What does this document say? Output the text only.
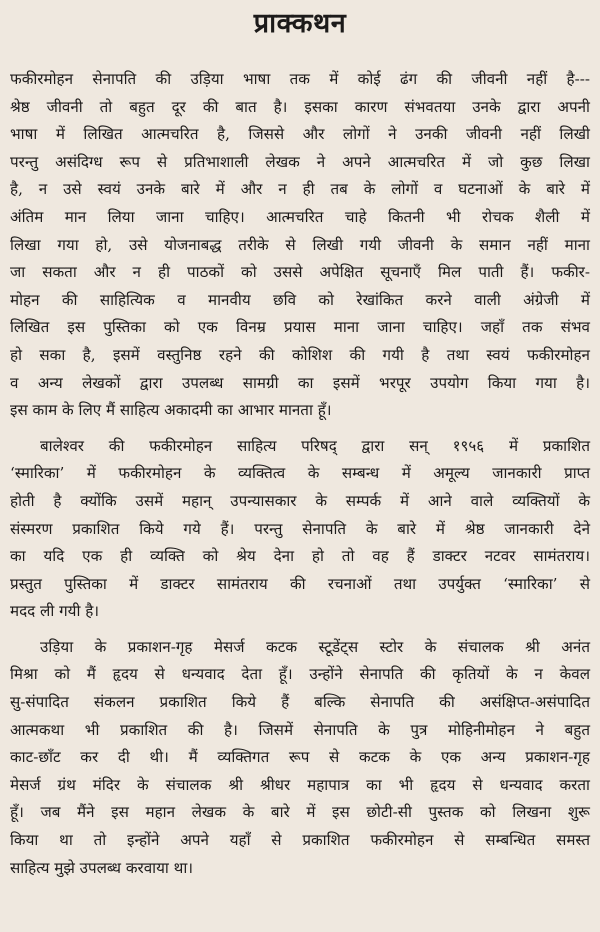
प्राक्कथन
फकीरमोहन सेनापति की उड़िया भाषा तक में कोई ढंग की जीवनी नहीं है---
श्रेष्ठ जीवनी तो बहुत दूर की बात है। इसका कारण संभवतया उनके द्वारा अपनी
भाषा में लिखित आत्मचरित है, जिससे और लोगों ने उनकी जीवनी नहीं लिखी
परन्तु असंदिग्ध रूप से प्रतिभाशाली लेखक ने अपने आत्मचरित में जो कुछ लिखा
है, न उसे स्वयं उनके बारे में और न ही तब के लोगों व घटनाओं के बारे में
अंतिम मान लिया जाना चाहिए। आत्मचरित चाहे कितनी भी रोचक शैली में
लिखा गया हो, उसे योजनाबद्ध तरीके से लिखी गयी जीवनी के समान नहीं माना
जा सकता और न ही पाठकों को उससे अपेक्षित सूचनाएँ मिल पाती हैं। फकीर-
मोहन की साहित्यिक व मानवीय छवि को रेखांकित करने वाली अंग्रेजी में
लिखित इस पुस्तिका को एक विनम्र प्रयास माना जाना चाहिए। जहाँ तक संभव
हो सका है, इसमें वस्तुनिष्ठ रहने की कोशिश की गयी है तथा स्वयं फकीरमोहन
व अन्य लेखकों द्वारा उपलब्ध सामग्री का इसमें भरपूर उपयोग किया गया है।
इस काम के लिए मैं साहित्य अकादमी का आभार मानता हूँ।
बालेश्वर की फकीरमोहन साहित्य परिषद् द्वारा सन् १९५६ में प्रकाशित
‘स्मारिका’ में फकीरमोहन के व्यक्तित्व के सम्बन्ध में अमूल्य जानकारी प्राप्त
होती है क्योंकि उसमें महान् उपन्यासकार के सम्पर्क में आने वाले व्यक्तियों के
संस्मरण प्रकाशित किये गये हैं। परन्तु सेनापति के बारे में श्रेष्ठ जानकारी देने
का यदि एक ही व्यक्ति को श्रेय देना हो तो वह हैं डाक्टर नटवर सामंतराय।
प्रस्तुत पुस्तिका में डाक्टर सामंतराय की रचनाओं तथा उपर्युक्त ‘स्मारिका’ से
मदद ली गयी है।
उड़िया के प्रकाशन-गृह मेसर्ज कटक स्टूडेंट्स स्टोर के संचालक श्री अनंत
मिश्रा को मैं हृदय से धन्यवाद देता हूँ। उन्होंने सेनापति की कृतियों के न केवल
सु-संपादित संकलन प्रकाशित किये हैं बल्कि सेनापति की असंक्षिप्त-असंपादित
आत्मकथा भी प्रकाशित की है। जिसमें सेनापति के पुत्र मोहिनीमोहन ने बहुत
काट-छाँट कर दी थी। मैं व्यक्तिगत रूप से कटक के एक अन्य प्रकाशन-गृह
मेसर्ज ग्रंथ मंदिर के संचालक श्री श्रीधर महापात्र का भी हृदय से धन्यवाद करता
हूँ। जब मैंने इस महान लेखक के बारे में इस छोटी-सी पुस्तक को लिखना शुरू
किया था तो इन्होंने अपने यहाँ से प्रकाशित फकीरमोहन से सम्बन्धित समस्त
साहित्य मुझे उपलब्ध करवाया था।
